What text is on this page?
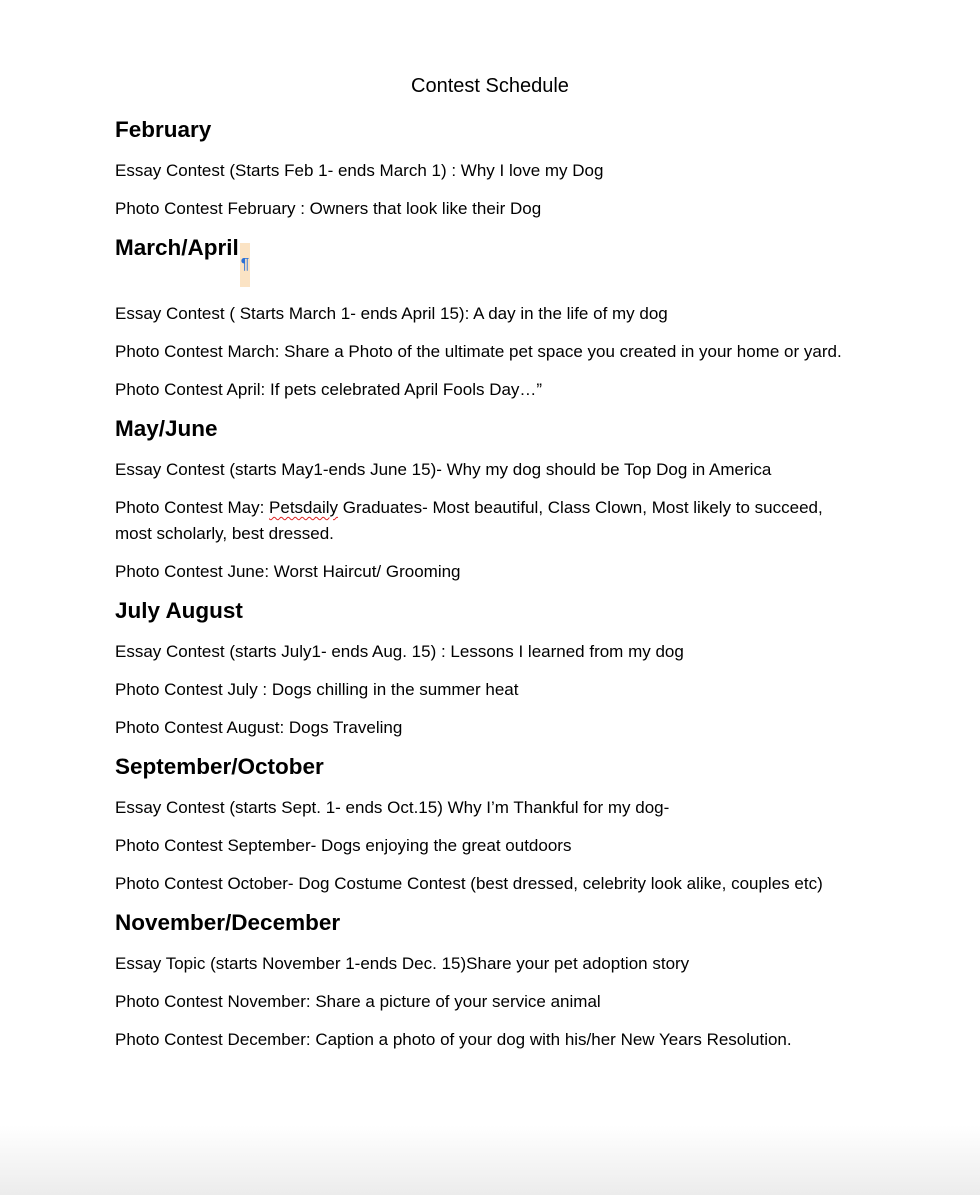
Contest Schedule
February
Essay Contest (Starts Feb 1- ends March 1) : Why I love my Dog
Photo Contest February : Owners that look like their Dog
March/April¶
Essay Contest ( Starts March 1- ends April 15): A day in the life of my dog
Photo Contest March: Share a Photo of the ultimate pet space you created in your home or yard.
Photo Contest April: If pets celebrated April Fools Day…”
May/June
Essay Contest (starts May1-ends June 15)- Why my dog should be Top Dog in America
Photo Contest May: Petsdaily Graduates- Most beautiful, Class Clown, Most likely to succeed, most scholarly, best dressed.
Photo Contest June: Worst Haircut/ Grooming
July August
Essay Contest (starts July1- ends Aug. 15) : Lessons I learned from my dog
Photo Contest July : Dogs chilling in the summer heat
Photo Contest August: Dogs Traveling
September/October
Essay Contest (starts Sept. 1- ends Oct.15) Why I’m Thankful for my dog-
Photo Contest September- Dogs enjoying the great outdoors
Photo Contest October- Dog Costume Contest (best dressed, celebrity look alike, couples etc)
November/December
Essay Topic (starts November 1-ends Dec. 15)Share your pet adoption story
Photo Contest November: Share a picture of your service animal
Photo Contest December: Caption a photo of your dog with his/her New Years Resolution.
